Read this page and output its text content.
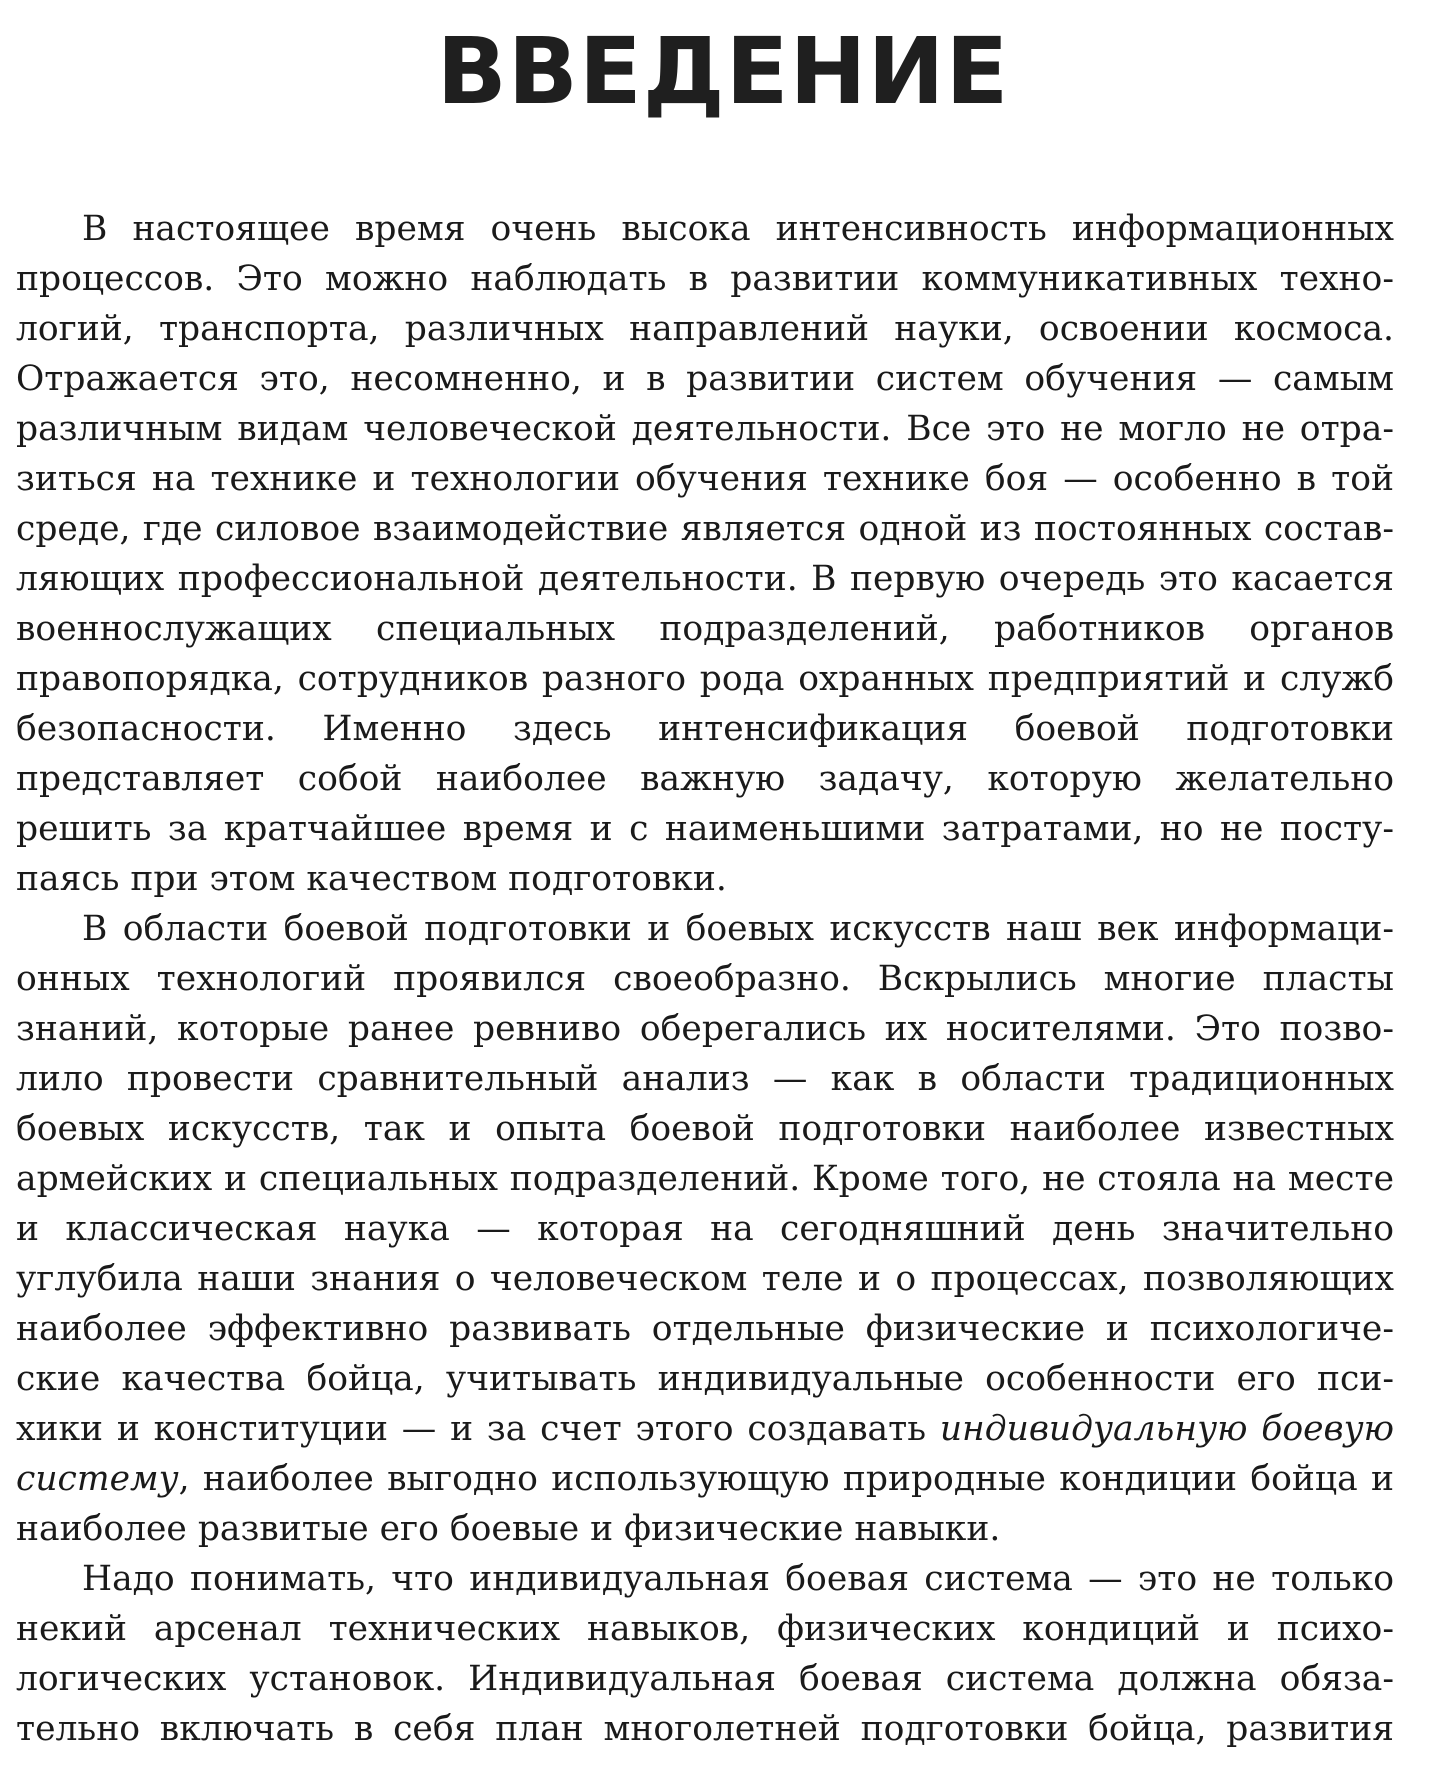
ВВЕДЕНИЕ

В настоящее время очень высока интенсивность информационных процессов. Это можно наблюдать в развитии коммуникативных технологий, транспорта, различных направлений науки, освоении космоса. Отражается это, несомненно, и в развитии систем обучения — самым различным видам человеческой деятельности. Все это не могло не отразиться на технике и технологии обучения технике боя — особенно в той среде, где силовое взаимодействие является одной из постоянных составляющих профессиональной деятельности. В первую очередь это касается военнослужащих специальных подразделений, работников органов правопорядка, сотрудников разного рода охранных предприятий и служб безопасности. Именно здесь интенсификация боевой подготовки представляет собой наиболее важную задачу, которую желательно решить за кратчайшее время и с наименьшими затратами, но не поступаясь при этом качеством подготовки.

В области боевой подготовки и боевых искусств наш век информационных технологий проявился своеобразно. Вскрылись многие пласты знаний, которые ранее ревниво оберегались их носителями. Это позволило провести сравнительный анализ — как в области традиционных боевых искусств, так и опыта боевой подготовки наиболее известных армейских и специальных подразделений. Кроме того, не стояла на месте и классическая наука — которая на сегодняшний день значительно углубила наши знания о человеческом теле и о процессах, позволяющих наиболее эффективно развивать отдельные физические и психологические качества бойца, учитывать индивидуальные особенности его психики и конституции — и за счет этого создавать индивидуальную боевую систему, наиболее выгодно использующую природные кондиции бойца и наиболее развитые его боевые и физические навыки.

Надо понимать, что индивидуальная боевая система — это не только некий арсенал технических навыков, физических кондиций и психологических установок. Индивидуальная боевая система должна обязательно включать в себя план многолетней подготовки бойца, развития
